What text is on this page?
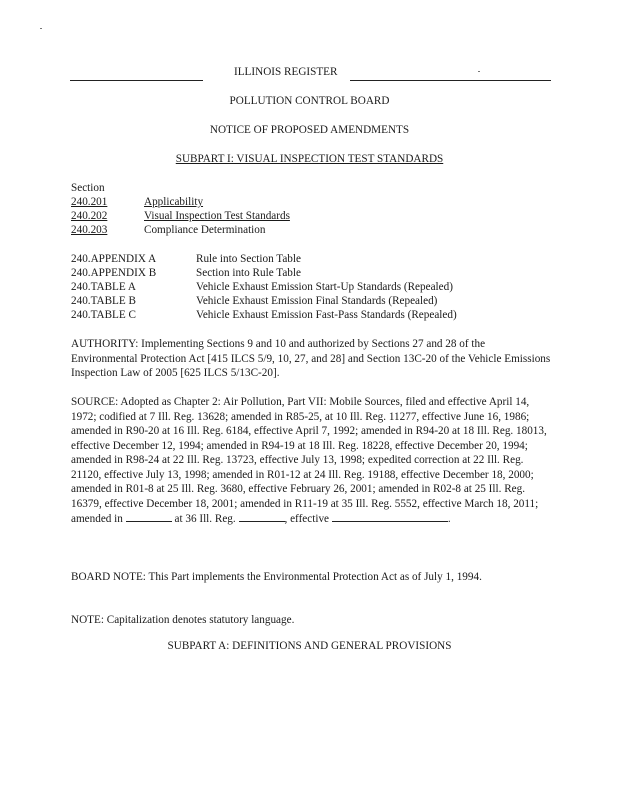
ILLINOIS REGISTER
POLLUTION CONTROL BOARD
NOTICE OF PROPOSED AMENDMENTS
SUBPART I: VISUAL INSPECTION TEST STANDARDS
Section
240.201	Applicability
240.202	Visual Inspection Test Standards
240.203	Compliance Determination
240.APPENDIX A	Rule into Section Table
240.APPENDIX B	Section into Rule Table
240.TABLE A	Vehicle Exhaust Emission Start-Up Standards (Repealed)
240.TABLE B	Vehicle Exhaust Emission Final Standards (Repealed)
240.TABLE C	Vehicle Exhaust Emission Fast-Pass Standards (Repealed)
AUTHORITY: Implementing Sections 9 and 10 and authorized by Sections 27 and 28 of the Environmental Protection Act [415 ILCS 5/9, 10, 27, and 28] and Section 13C-20 of the Vehicle Emissions Inspection Law of 2005 [625 ILCS 5/13C-20].
SOURCE: Adopted as Chapter 2: Air Pollution, Part VII: Mobile Sources, filed and effective April 14, 1972; codified at 7 Ill. Reg. 13628; amended in R85-25, at 10 Ill. Reg. 11277, effective June 16, 1986; amended in R90-20 at 16 Ill. Reg. 6184, effective April 7, 1992; amended in R94-20 at 18 Ill. Reg. 18013, effective December 12, 1994; amended in R94-19 at 18 Ill. Reg. 18228, effective December 20, 1994; amended in R98-24 at 22 Ill. Reg. 13723, effective July 13, 1998; expedited correction at 22 Ill. Reg. 21120, effective July 13, 1998; amended in R01-12 at 24 Ill. Reg. 19188, effective December 18, 2000; amended in R01-8 at 25 Ill. Reg. 3680, effective February 26, 2001; amended in R02-8 at 25 Ill. Reg. 16379, effective December 18, 2001; amended in R11-19 at 35 Ill. Reg. 5552, effective March 18, 2011; amended in	at 36 Ill. Reg.	, effective	.
BOARD NOTE: This Part implements the Environmental Protection Act as of July 1, 1994.
NOTE: Capitalization denotes statutory language.
SUBPART A: DEFINITIONS AND GENERAL PROVISIONS
